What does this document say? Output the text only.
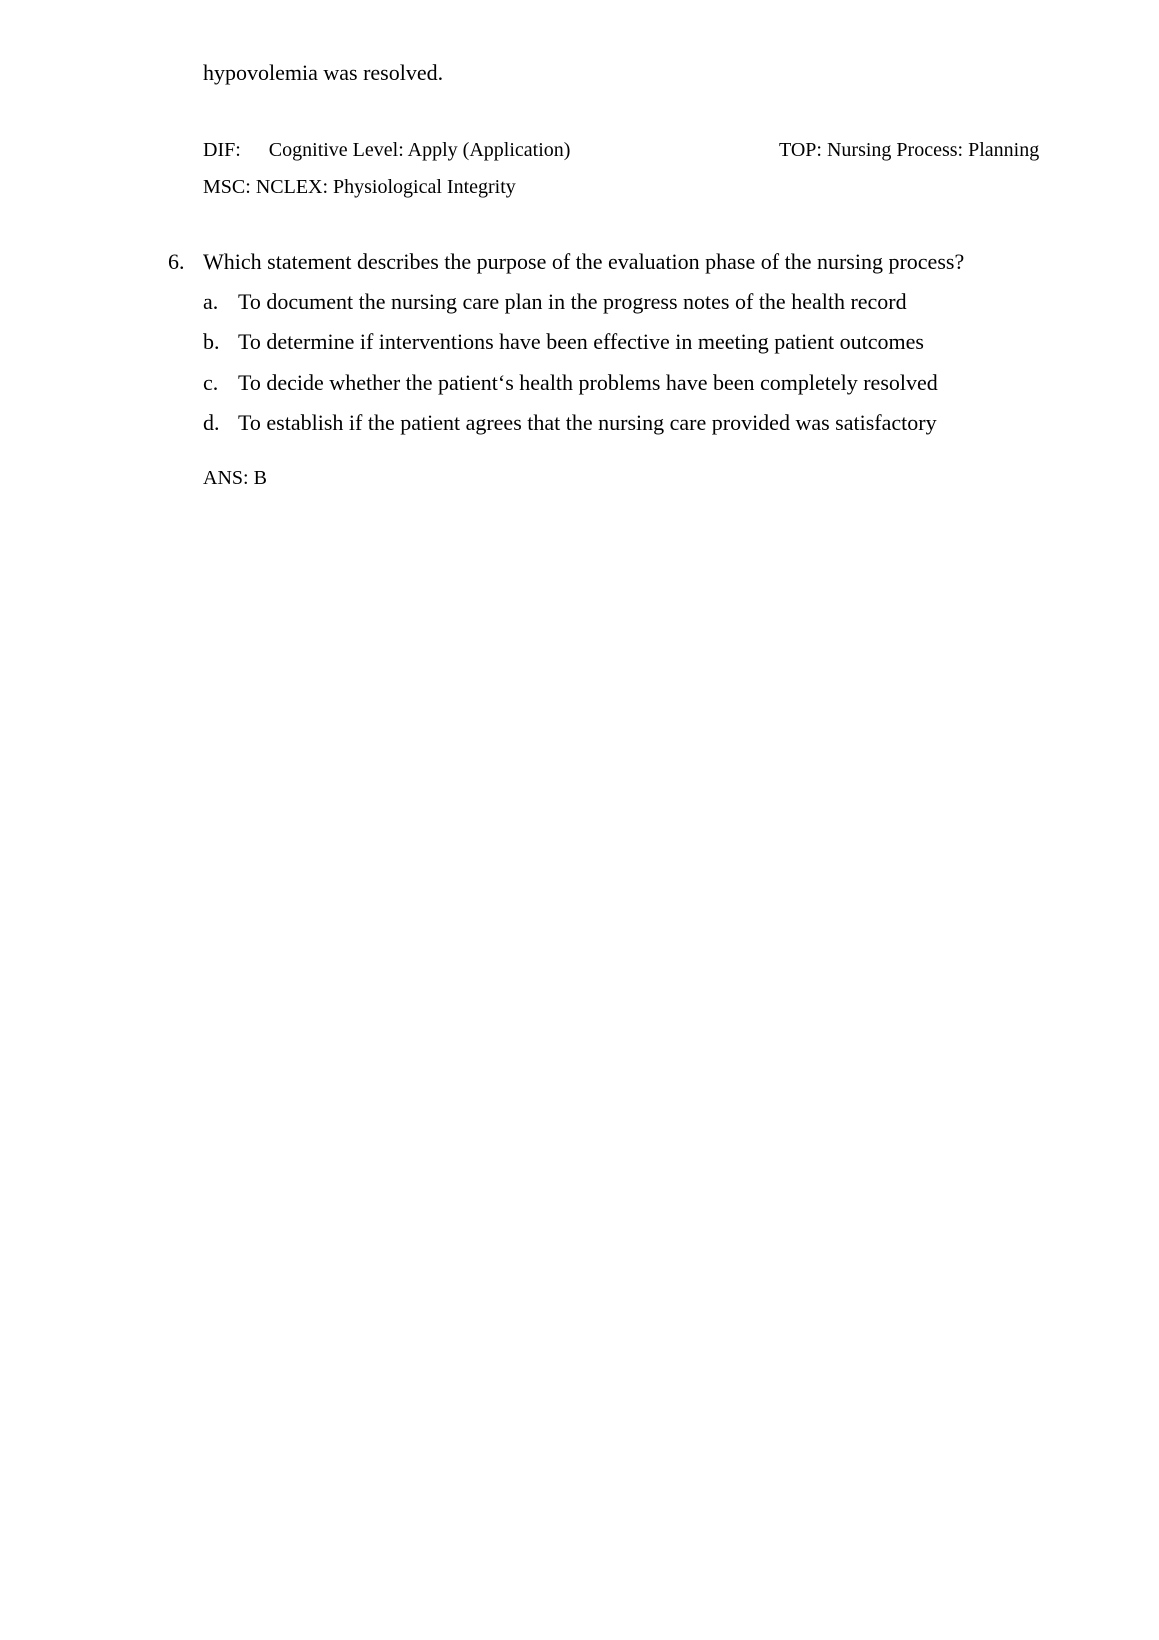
hypovolemia was resolved.
DIF: Cognitive Level: Apply (Application)	TOP: Nursing Process: Planning
MSC: NCLEX: Physiological Integrity
6. Which statement describes the purpose of the evaluation phase of the nursing process?
a. To document the nursing care plan in the progress notes of the health record
b. To determine if interventions have been effective in meeting patient outcomes
c. To decide whether the patient‘s health problems have been completely resolved
d. To establish if the patient agrees that the nursing care provided was satisfactory
ANS: B
